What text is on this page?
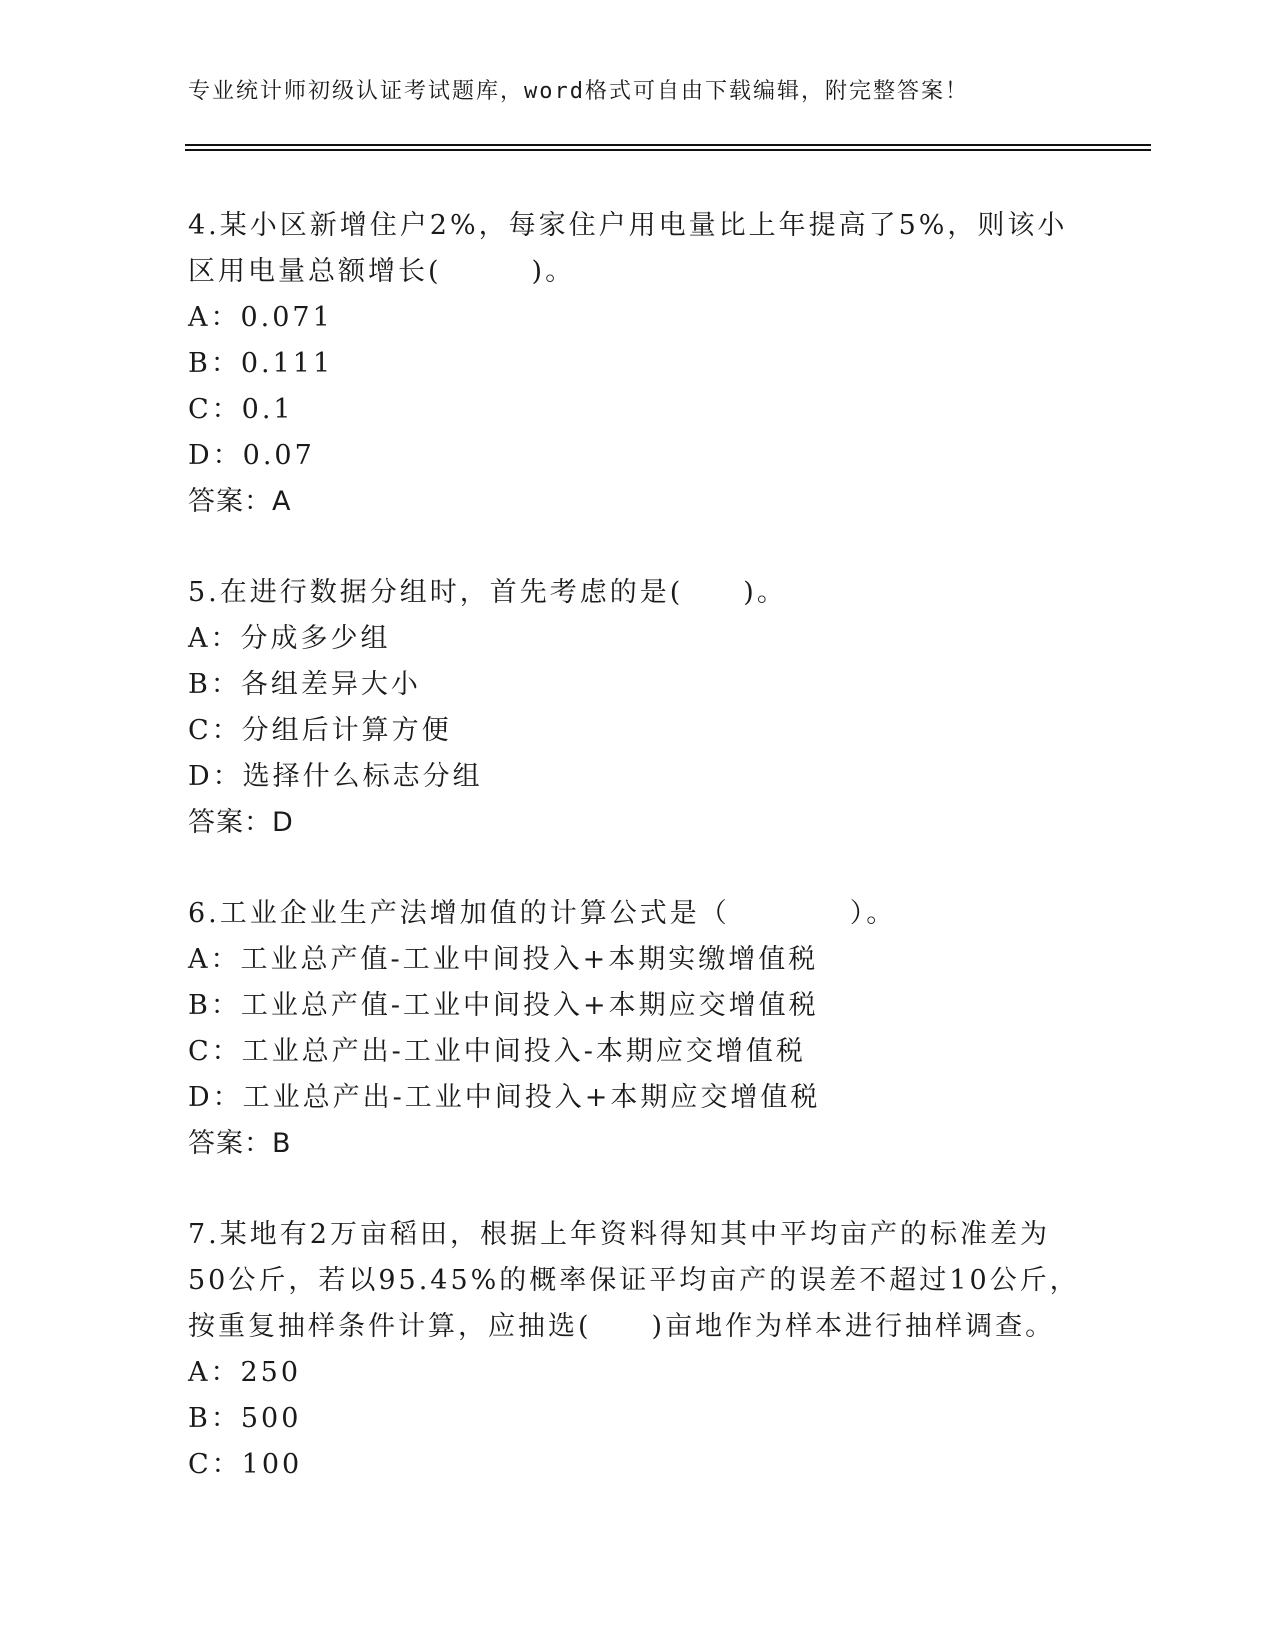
专业统计师初级认证考试题库，word格式可自由下载编辑，附完整答案！
4.某小区新增住户2%，每家住户用电量比上年提高了5%，则该小区用电量总额增长(　　　)。
A：0.071
B：0.111
C：0.1
D：0.07
答案：A
5.在进行数据分组时，首先考虑的是(　　)。
A：分成多少组
B：各组差异大小
C：分组后计算方便
D：选择什么标志分组
答案：D
6.工业企业生产法增加值的计算公式是（　　　　）。
A：工业总产值-工业中间投入+本期实缴增值税
B：工业总产值-工业中间投入+本期应交增值税
C：工业总产出-工业中间投入-本期应交增值税
D：工业总产出-工业中间投入+本期应交增值税
答案：B
7.某地有2万亩稻田，根据上年资料得知其中平均亩产的标准差为50公斤，若以95.45%的概率保证平均亩产的误差不超过10公斤，按重复抽样条件计算，应抽选(　　)亩地作为样本进行抽样调查。
A：250
B：500
C：100
